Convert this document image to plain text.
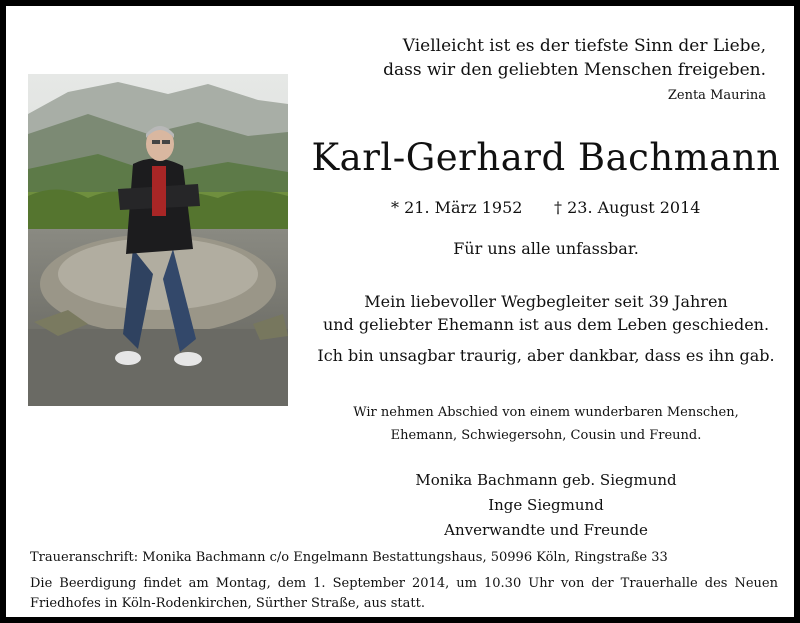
Vielleicht ist es der tiefste Sinn der Liebe,
dass wir den geliebten Menschen freigeben.
Zenta Maurina
Karl-Gerhard Bachmann
* 21. März 1952 † 23. August 2014
Für uns alle unfassbar.
Mein liebevoller Wegbegleiter seit 39 Jahren
und geliebter Ehemann ist aus dem Leben geschieden.
Ich bin unsagbar traurig, aber dankbar, dass es ihn gab.
Wir nehmen Abschied von einem wunderbaren Menschen,
Ehemann, Schwiegersohn, Cousin und Freund.
Monika Bachmann geb. Siegmund
Inge Siegmund
Anverwandte und Freunde
Traueranschrift: Monika Bachmann c/o Engelmann Bestattungshaus, 50996 Köln, Ringstraße 33
Die Beerdigung findet am Montag, dem 1. September 2014, um 10.30 Uhr von der Trauerhalle des Neuen Friedhofes in Köln-Rodenkirchen, Sürther Straße, aus statt.
